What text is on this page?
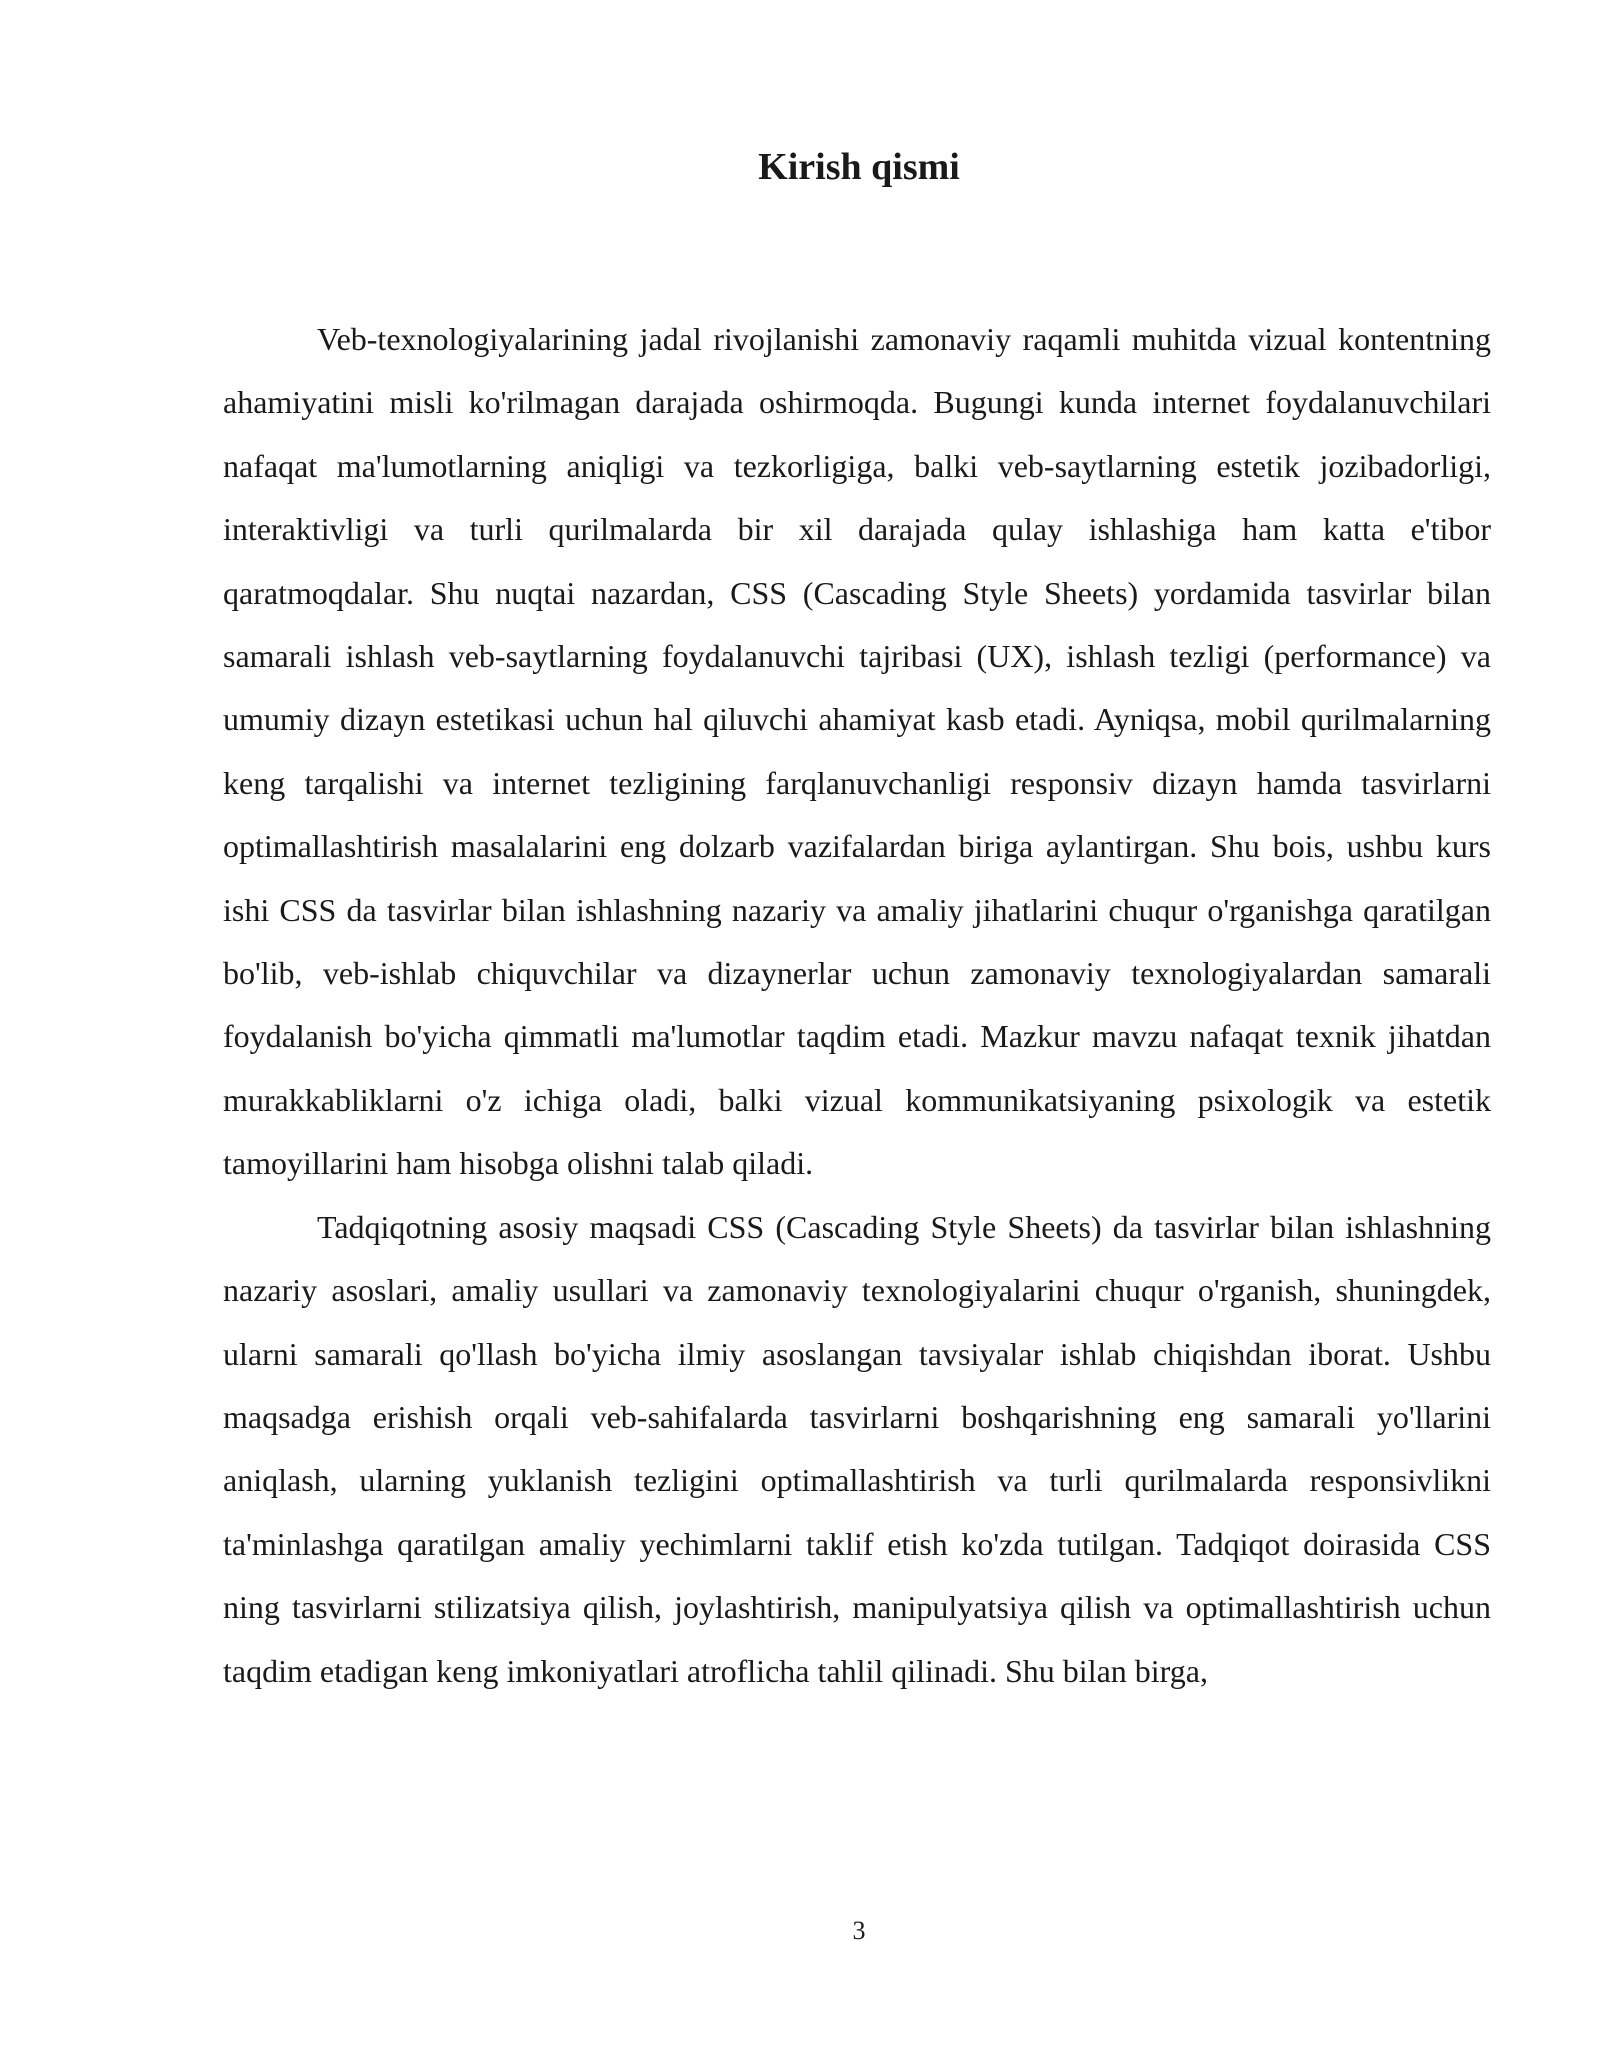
Kirish qismi

Veb-texnologiyalarining jadal rivojlanishi zamonaviy raqamli muhitda vizual kontentning ahamiyatini misli ko'rilmagan darajada oshirmoqda. Bugungi kunda internet foydalanuvchilari nafaqat ma'lumotlarning aniqligi va tezkorligiga, balki veb-saytlarning estetik jozibadorligi, interaktivligi va turli qurilmalarda bir xil darajada qulay ishlashiga ham katta e'tibor qaratmoqdalar. Shu nuqtai nazardan, CSS (Cascading Style Sheets) yordamida tasvirlar bilan samarali ishlash veb-saytlarning foydalanuvchi tajribasi (UX), ishlash tezligi (performance) va umumiy dizayn estetikasi uchun hal qiluvchi ahamiyat kasb etadi. Ayniqsa, mobil qurilmalarning keng tarqalishi va internet tezligining farqlanuvchanligi responsiv dizayn hamda tasvirlarni optimallashtirish masalalarini eng dolzarb vazifalardan biriga aylantirgan. Shu bois, ushbu kurs ishi CSS da tasvirlar bilan ishlashning nazariy va amaliy jihatlarini chuqur o'rganishga qaratilgan bo'lib, veb-ishlab chiquvchilar va dizaynerlar uchun zamonaviy texnologiyalardan samarali foydalanish bo'yicha qimmatli ma'lumotlar taqdim etadi. Mazkur mavzu nafaqat texnik jihatdan murakkabliklarni o'z ichiga oladi, balki vizual kommunikatsiyaning psixologik va estetik tamoyillarini ham hisobga olishni talab qiladi.

Tadqiqotning asosiy maqsadi CSS (Cascading Style Sheets) da tasvirlar bilan ishlashning nazariy asoslari, amaliy usullari va zamonaviy texnologiyalarini chuqur o'rganish, shuningdek, ularni samarali qo'llash bo'yicha ilmiy asoslangan tavsiyalar ishlab chiqishdan iborat. Ushbu maqsadga erishish orqali veb-sahifalarda tasvirlarni boshqarishning eng samarali yo'llarini aniqlash, ularning yuklanish tezligini optimallashtirish va turli qurilmalarda responsivlikni ta'minlashga qaratilgan amaliy yechimlarni taklif etish ko'zda tutilgan. Tadqiqot doirasida CSS ning tasvirlarni stilizatsiya qilish, joylashtirish, manipulyatsiya qilish va optimallashtirish uchun taqdim etadigan keng imkoniyatlari atroflicha tahlil qilinadi. Shu bilan birga,

3
